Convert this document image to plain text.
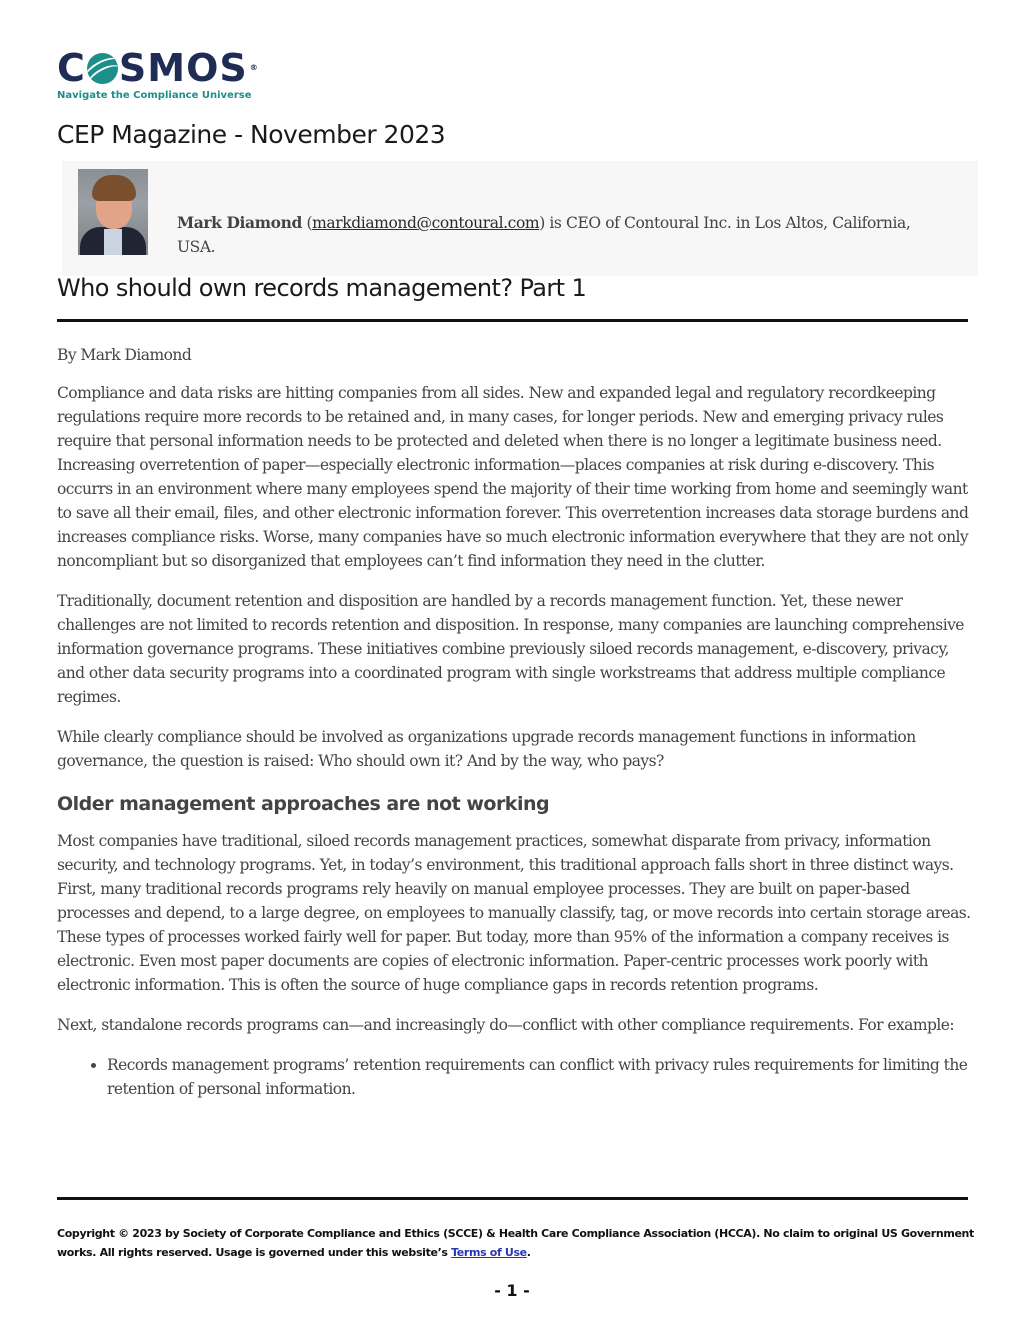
C SMOS ®
Navigate the Compliance Universe
CEP Magazine - November 2023
Mark Diamond (markdiamond@contoural.com) is CEO of Contoural Inc. in Los Altos, California, USA.
Who should own records management? Part 1

By Mark Diamond

Compliance and data risks are hitting companies from all sides. New and expanded legal and regulatory recordkeeping regulations require more records to be retained and, in many cases, for longer periods. New and emerging privacy rules require that personal information needs to be protected and deleted when there is no longer a legitimate business need. Increasing overretention of paper—especially electronic information—places companies at risk during e-discovery. This occurrs in an environment where many employees spend the majority of their time working from home and seemingly want to save all their email, files, and other electronic information forever. This overretention increases data storage burdens and increases compliance risks. Worse, many companies have so much electronic information everywhere that they are not only noncompliant but so disorganized that employees can’t find information they need in the clutter.

Traditionally, document retention and disposition are handled by a records management function. Yet, these newer challenges are not limited to records retention and disposition. In response, many companies are launching comprehensive information governance programs. These initiatives combine previously siloed records management, e-discovery, privacy, and other data security programs into a coordinated program with single workstreams that address multiple compliance regimes.

While clearly compliance should be involved as organizations upgrade records management functions in information governance, the question is raised: Who should own it? And by the way, who pays?

Older management approaches are not working

Most companies have traditional, siloed records management practices, somewhat disparate from privacy, information security, and technology programs. Yet, in today’s environment, this traditional approach falls short in three distinct ways. First, many traditional records programs rely heavily on manual employee processes. They are built on paper-based processes and depend, to a large degree, on employees to manually classify, tag, or move records into certain storage areas. These types of processes worked fairly well for paper. But today, more than 95% of the information a company receives is electronic. Even most paper documents are copies of electronic information. Paper-centric processes work poorly with electronic information. This is often the source of huge compliance gaps in records retention programs.

Next, standalone records programs can—and increasingly do—conflict with other compliance requirements. For example:

• Records management programs’ retention requirements can conflict with privacy rules requirements for limiting the retention of personal information.
Copyright © 2023 by Society of Corporate Compliance and Ethics (SCCE) & Health Care Compliance Association (HCCA). No claim to original US Government works. All rights reserved. Usage is governed under this website’s Terms of Use.
- 1 -
